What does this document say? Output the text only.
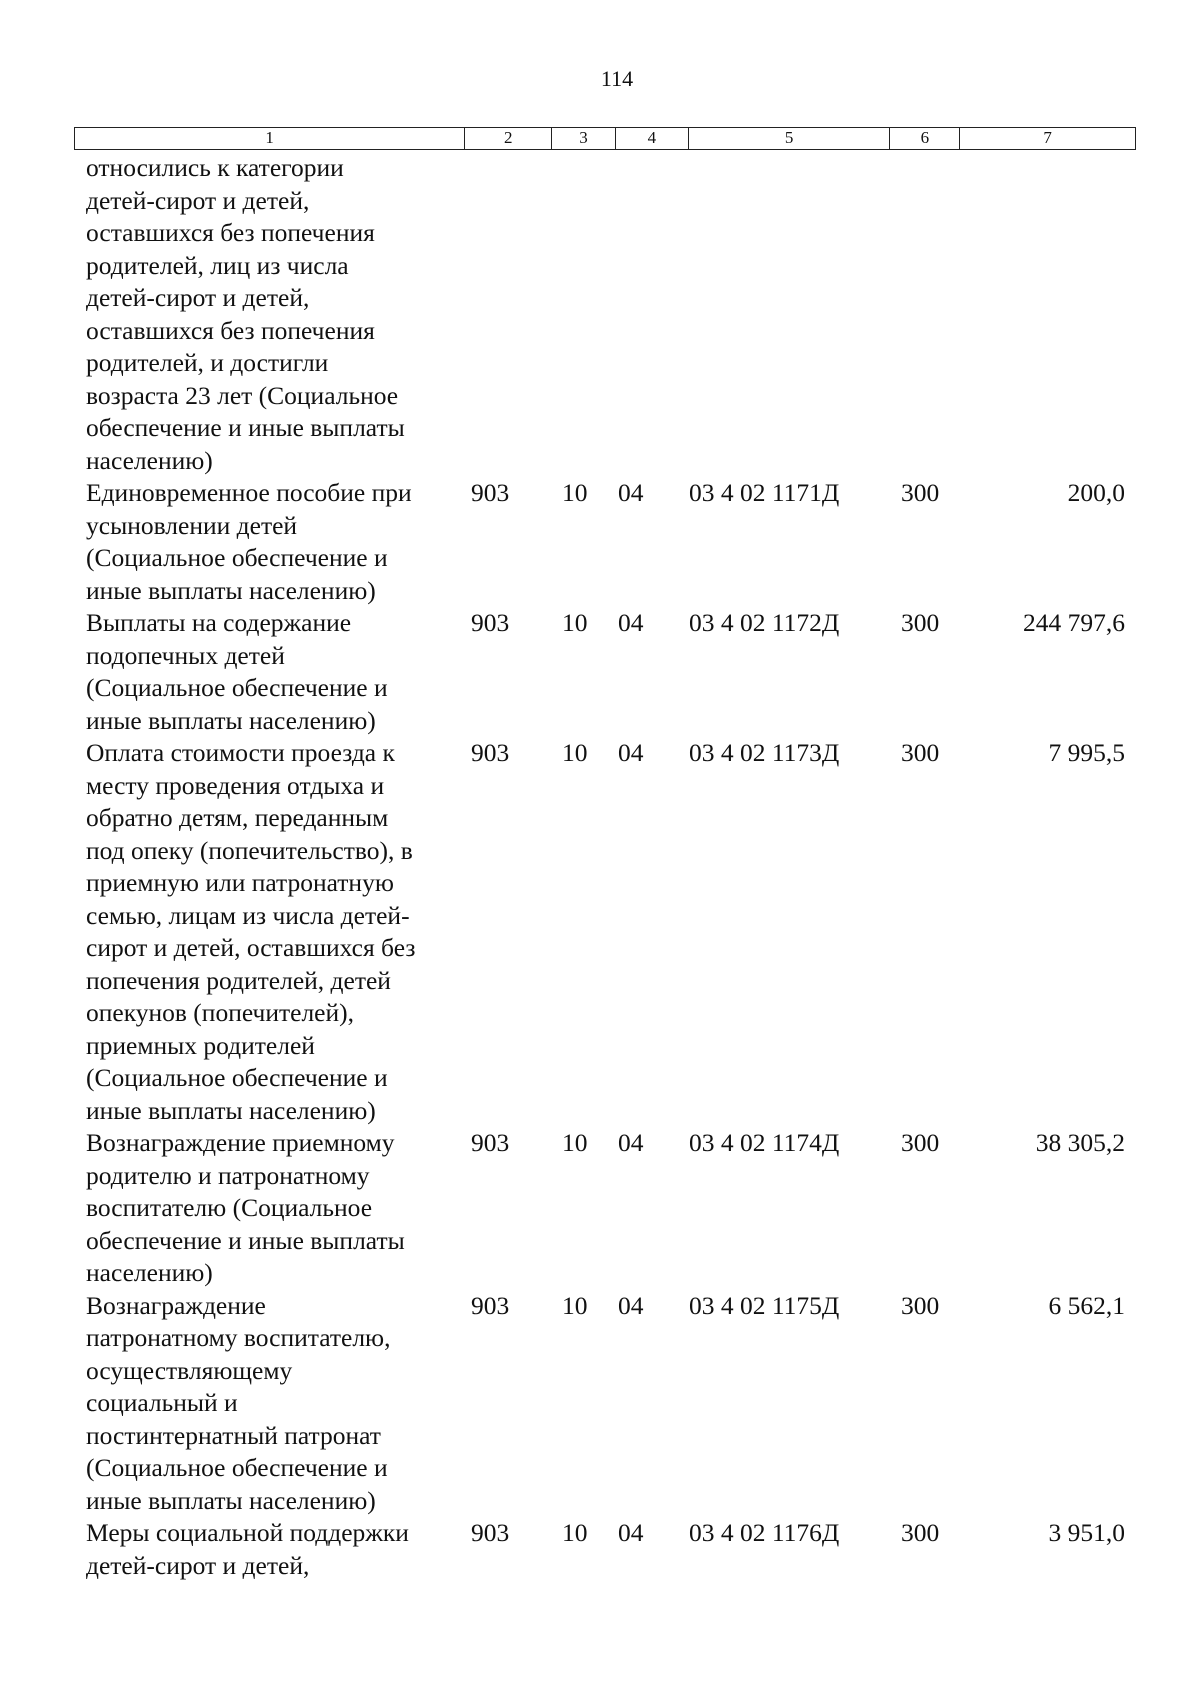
114
1	2	3	4	5	6	7
относились к категории
детей-сирот и детей,
оставшихся без попечения
родителей, лиц из числа
детей-сирот и детей,
оставшихся без попечения
родителей, и достигли
возраста 23 лет (Социальное
обеспечение и иные выплаты
населению)
Единовременное пособие при
усыновлении детей
(Социальное обеспечение и
иные выплаты населению)
903	10	04	03 4 02 1171Д	300	200,0
Выплаты на содержание
подопечных детей
(Социальное обеспечение и
иные выплаты населению)
903	10	04	03 4 02 1172Д	300	244 797,6
Оплата стоимости проезда к
месту проведения отдыха и
обратно детям, переданным
под опеку (попечительство), в
приемную или патронатную
семью, лицам из числа детей-
сирот и детей, оставшихся без
попечения родителей, детей
опекунов (попечителей),
приемных родителей
(Социальное обеспечение и
иные выплаты населению)
903	10	04	03 4 02 1173Д	300	7 995,5
Вознаграждение приемному
родителю и патронатному
воспитателю (Социальное
обеспечение и иные выплаты
населению)
903	10	04	03 4 02 1174Д	300	38 305,2
Вознаграждение
патронатному воспитателю,
осуществляющему
социальный и
постинтернатный патронат
(Социальное обеспечение и
иные выплаты населению)
903	10	04	03 4 02 1175Д	300	6 562,1
Меры социальной поддержки
детей-сирот и детей,
903	10	04	03 4 02 1176Д	300	3 951,0
